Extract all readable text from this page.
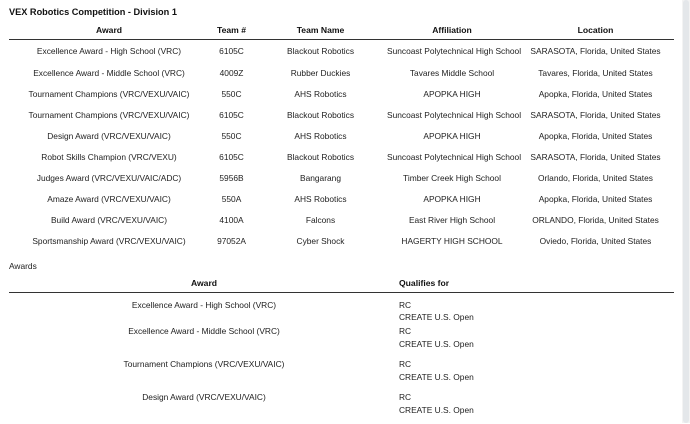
VEX Robotics Competition - Division 1
Award	Team #	Team Name	Affiliation	Location
Excellence Award - High School (VRC)	6105C	Blackout Robotics	Suncoast Polytechnical High School	SARASOTA, Florida, United States
Excellence Award - Middle School (VRC)	4009Z	Rubber Duckies	Tavares Middle School	Tavares, Florida, United States
Tournament Champions (VRC/VEXU/VAIC)	550C	AHS Robotics	APOPKA HIGH	Apopka, Florida, United States
Tournament Champions (VRC/VEXU/VAIC)	6105C	Blackout Robotics	Suncoast Polytechnical High School	SARASOTA, Florida, United States
Design Award (VRC/VEXU/VAIC)	550C	AHS Robotics	APOPKA HIGH	Apopka, Florida, United States
Robot Skills Champion (VRC/VEXU)	6105C	Blackout Robotics	Suncoast Polytechnical High School	SARASOTA, Florida, United States
Judges Award (VRC/VEXU/VAIC/ADC)	5956B	Bangarang	Timber Creek High School	Orlando, Florida, United States
Amaze Award (VRC/VEXU/VAIC)	550A	AHS Robotics	APOPKA HIGH	Apopka, Florida, United States
Build Award (VRC/VEXU/VAIC)	4100A	Falcons	East River High School	ORLANDO, Florida, United States
Sportsmanship Award (VRC/VEXU/VAIC)	97052A	Cyber Shock	HAGERTY HIGH SCHOOL	Oviedo, Florida, United States
Awards
Award	Qualifies for
Excellence Award - High School (VRC)	RC
CREATE U.S. Open

Excellence Award - Middle School (VRC)	RC
CREATE U.S. Open

Tournament Champions (VRC/VEXU/VAIC)	RC
CREATE U.S. Open

Design Award (VRC/VEXU/VAIC)	RC
CREATE U.S. Open
